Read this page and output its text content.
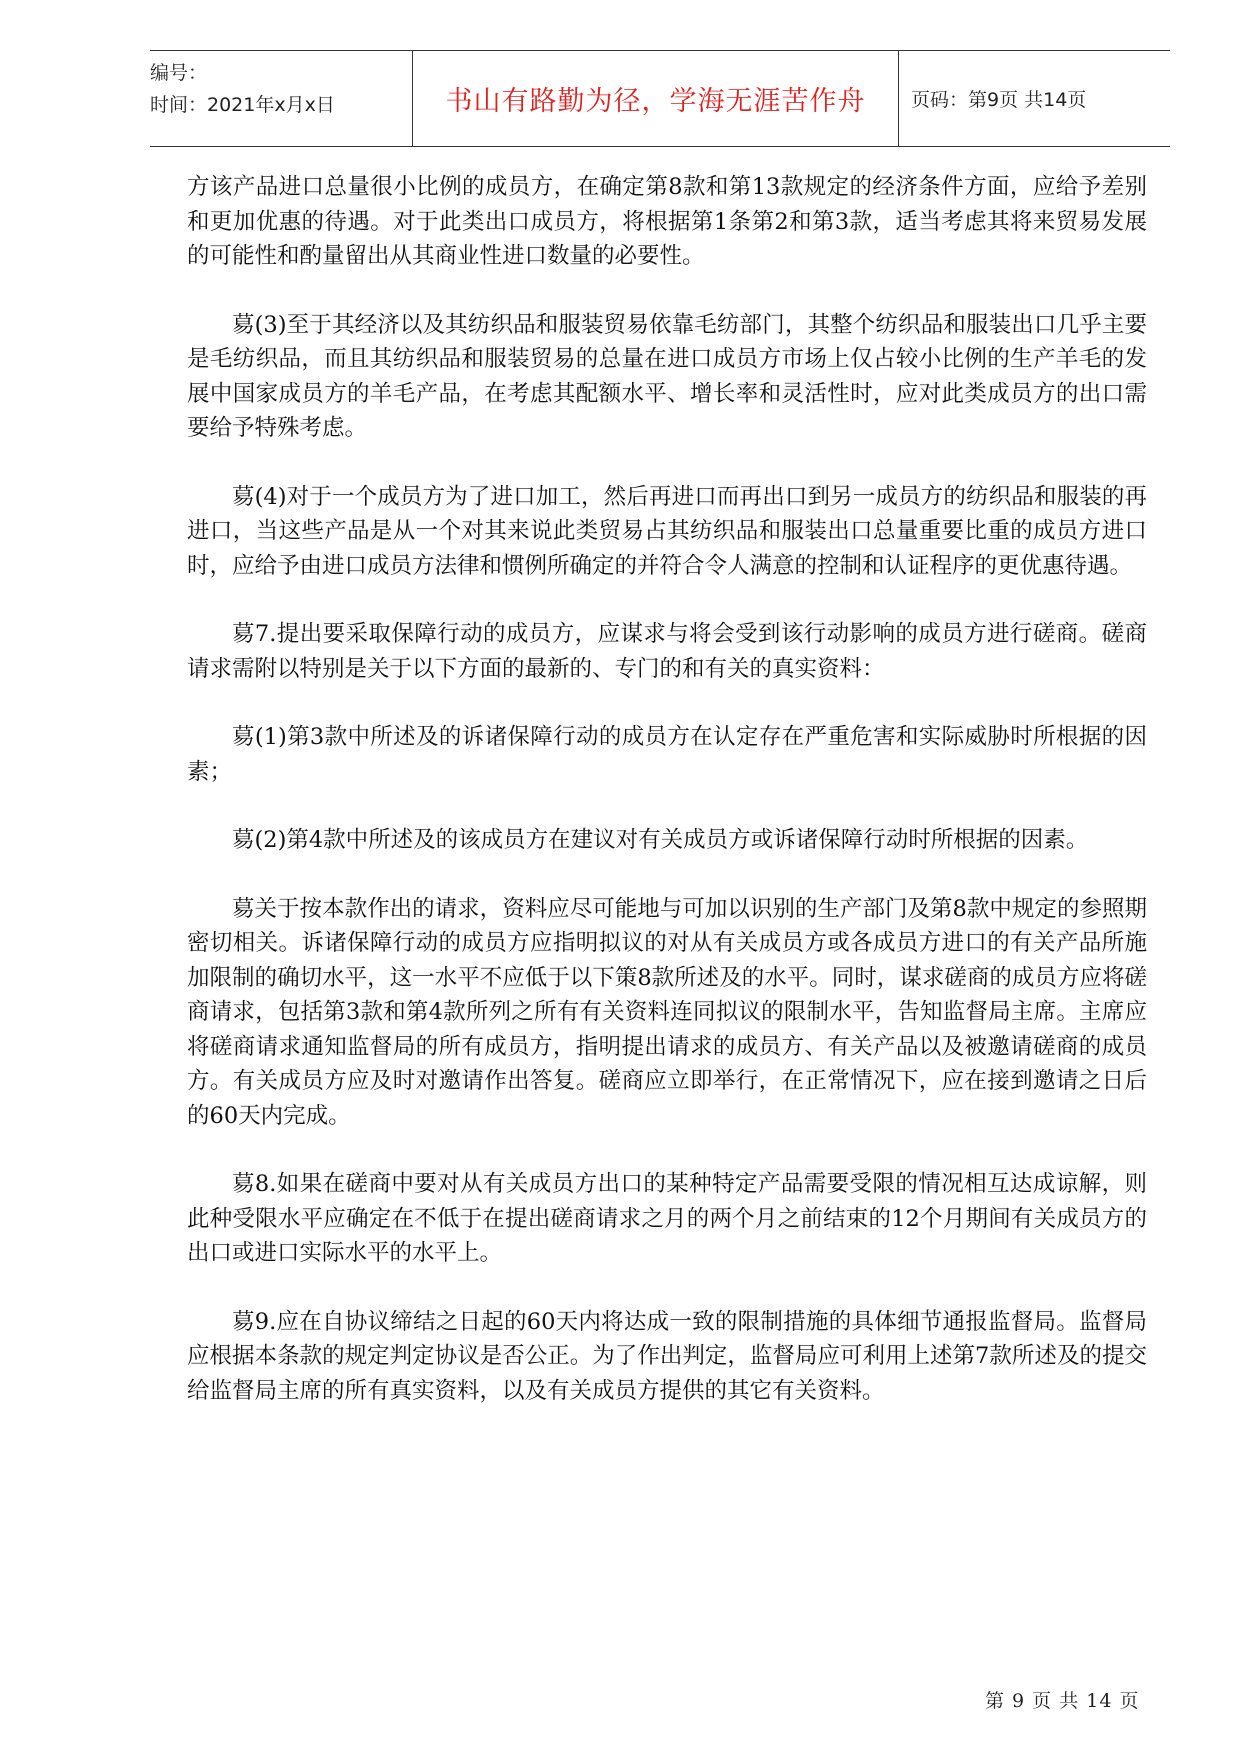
编号：
时间：2021年x月x日	书山有路勤为径，学海无涯苦作舟	页码：第9页 共14页

方该产品进口总量很小比例的成员方，在确定第8款和第13款规定的经济条件方面，应给予差别和更加优惠的待遇。对于此类出口成员方，将根据第1条第2和第3款，适当考虑其将来贸易发展的可能性和酌量留出从其商业性进口数量的必要性。

䓪(3)至于其经济以及其纺织品和服装贸易依靠毛纺部门，其整个纺织品和服装出口几乎主要是毛纺织品，而且其纺织品和服装贸易的总量在进口成员方市场上仅占较小比例的生产羊毛的发展中国家成员方的羊毛产品，在考虑其配额水平、增长率和灵活性时，应对此类成员方的出口需要给予特殊考虑。

䓪(4)对于一个成员方为了进口加工，然后再进口而再出口到另一成员方的纺织品和服装的再进口，当这些产品是从一个对其来说此类贸易占其纺织品和服装出口总量重要比重的成员方进口时，应给予由进口成员方法律和惯例所确定的并符合令人满意的控制和认证程序的更优惠待遇。

䓪7.提出要采取保障行动的成员方，应谋求与将会受到该行动影响的成员方进行磋商。磋商请求需附以特别是关于以下方面的最新的、专门的和有关的真实资料：

䓪(1)第3款中所述及的诉诸保障行动的成员方在认定存在严重危害和实际威胁时所根据的因素；

䓪(2)第4款中所述及的该成员方在建议对有关成员方或诉诸保障行动时所根据的因素。

䓪关于按本款作出的请求，资料应尽可能地与可加以识别的生产部门及第8款中规定的参照期密切相关。诉诸保障行动的成员方应指明拟议的对从有关成员方或各成员方进口的有关产品所施加限制的确切水平，这一水平不应低于以下策8款所述及的水平。同时，谋求磋商的成员方应将磋商请求，包括第3款和第4款所列之所有有关资料连同拟议的限制水平，告知监督局主席。主席应将磋商请求通知监督局的所有成员方，指明提出请求的成员方、有关产品以及被邀请磋商的成员方。有关成员方应及时对邀请作出答复。磋商应立即举行，在正常情况下，应在接到邀请之日后的60天内完成。

䓪8.如果在磋商中要对从有关成员方出口的某种特定产品需要受限的情况相互达成谅解，则此种受限水平应确定在不低于在提出磋商请求之月的两个月之前结束的12个月期间有关成员方的出口或进口实际水平的水平上。

䓪9.应在自协议缔结之日起的60天内将达成一致的限制措施的具体细节通报监督局。监督局应根据本条款的规定判定协议是否公正。为了作出判定，监督局应可利用上述第7款所述及的提交给监督局主席的所有真实资料，以及有关成员方提供的其它有关资料。

第 9 页 共 14 页
